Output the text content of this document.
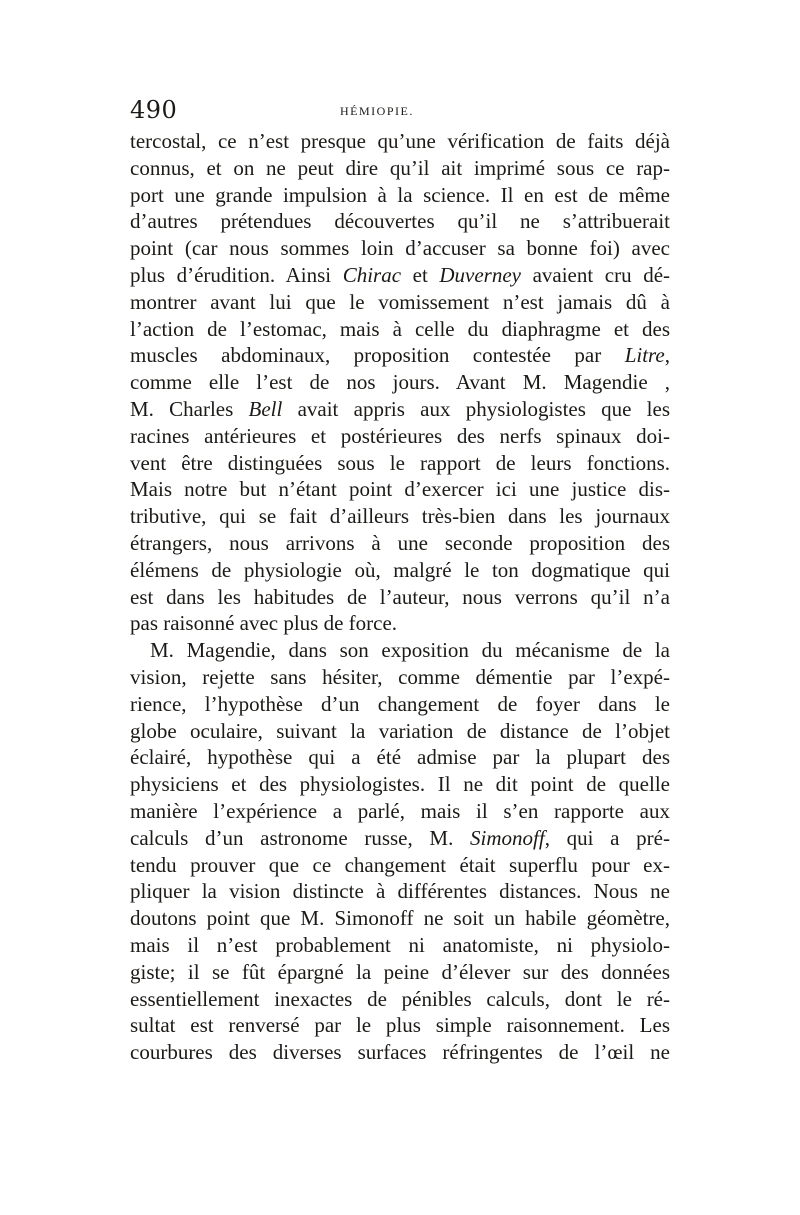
490	HÉMIOPIE.
tercostal, ce n’est presque qu’une vérification de faits déjà
connus, et on ne peut dire qu’il ait imprimé sous ce rap-
port une grande impulsion à la science. Il en est de même
d’autres prétendues découvertes qu’il ne s’attribuerait
point (car nous sommes loin d’accuser sa bonne foi) avec
plus d’érudition. Ainsi Chirac et Duverney avaient cru dé-
montrer avant lui que le vomissement n’est jamais dû à
l’action de l’estomac, mais à celle du diaphragme et des
muscles abdominaux, proposition contestée par Litre,
comme elle l’est de nos jours. Avant M. Magendie ,
M. Charles Bell avait appris aux physiologistes que les
racines antérieures et postérieures des nerfs spinaux doi-
vent être distinguées sous le rapport de leurs fonctions.
Mais notre but n’étant point d’exercer ici une justice dis-
tributive, qui se fait d’ailleurs très-bien dans les journaux
étrangers, nous arrivons à une seconde proposition des
élémens de physiologie où, malgré le ton dogmatique qui
est dans les habitudes de l’auteur, nous verrons qu’il n’a
pas raisonné avec plus de force.
M. Magendie, dans son exposition du mécanisme de la
vision, rejette sans hésiter, comme démentie par l’expé-
rience, l’hypothèse d’un changement de foyer dans le
globe oculaire, suivant la variation de distance de l’objet
éclairé, hypothèse qui a été admise par la plupart des
physiciens et des physiologistes. Il ne dit point de quelle
manière l’expérience a parlé, mais il s’en rapporte aux
calculs d’un astronome russe, M. Simonoff, qui a pré-
tendu prouver que ce changement était superflu pour ex-
pliquer la vision distincte à différentes distances. Nous ne
doutons point que M. Simonoff ne soit un habile géomètre,
mais il n’est probablement ni anatomiste, ni physiolo-
giste; il se fût épargné la peine d’élever sur des données
essentiellement inexactes de pénibles calculs, dont le ré-
sultat est renversé par le plus simple raisonnement. Les
courbures des diverses surfaces réfringentes de l’œil ne
